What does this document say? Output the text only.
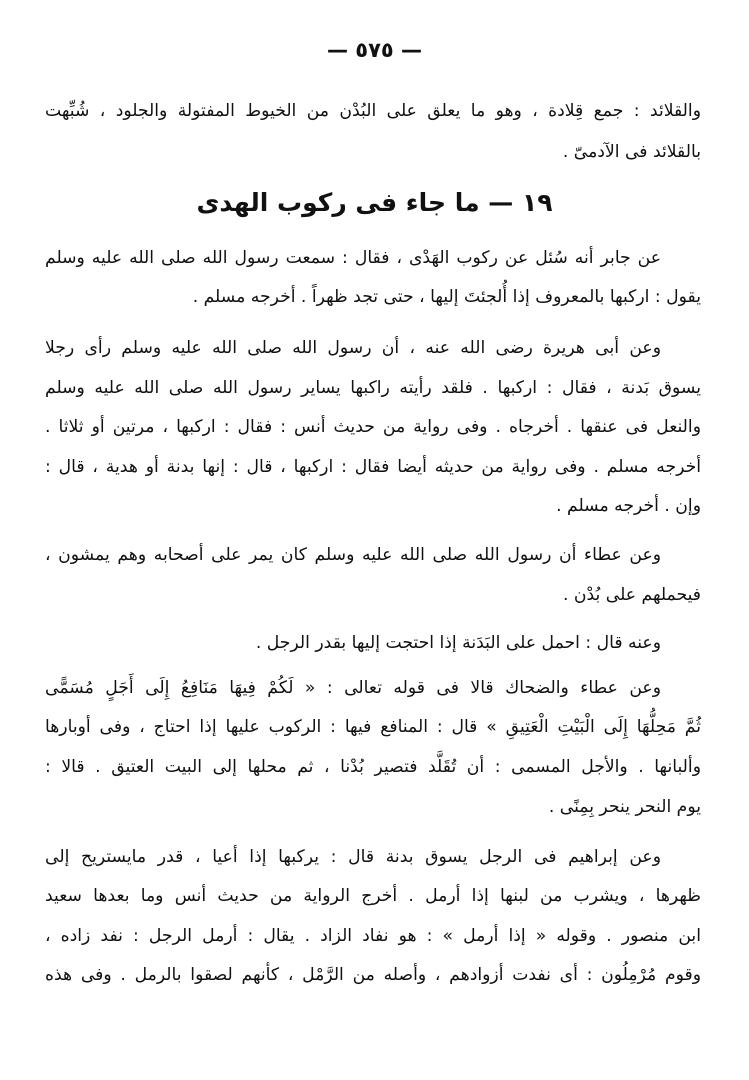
— ٥٧٥ —
والقلائد : جمع قِلادة ، وهو ما يعلق على البُدْن من الخيوط المفتولة والجلود ، شُبِّهت
بالقلائد فى الآدمىّ .
١٩ — ما جاء فى ركوب الهدى
عن جابر أنه سُئل عن ركوب الهَدْى ، فقال : سمعت رسول الله صلى الله عليه وسلم
يقول : اركبها بالمعروف إذا أُلجئتَ إليها ، حتى تجد ظهراً . أخرجه مسلم .
وعن أبى هريرة رضى الله عنه ، أن رسول الله صلى الله عليه وسلم رأى رجلا
يسوق بَدنة ، فقال : اركبها . فلقد رأيته راكبها يساير رسول الله صلى الله عليه وسلم
والنعل فى عنقها . أخرجاه . وفى رواية من حديث أنس : فقال : اركبها ، مرتين أو ثلاثا .
أخرجه مسلم . وفى رواية من حديثه أيضا فقال : اركبها ، قال : إنها بدنة أو هدية ، قال :
وإن . أخرجه مسلم .
وعن عطاء أن رسول الله صلى الله عليه وسلم كان يمر على أصحابه وهم يمشون ،
فيحملهم على بُدْن .
وعنه قال : احمل على البَدَنة إذا احتجت إليها بقدر الرجل .
وعن عطاء والضحاك قالا فى قوله تعالى : « لَكُمْ فِيهَا مَنَافِعُ إِلَى أَجَلٍ مُسَمًّى
ثُمَّ مَحِلُّهَا إِلَى الْبَيْتِ الْعَتِيقِ » قال : المنافع فيها : الركوب عليها إذا احتاج ، وفى أوبارها
وألبانها . والأجل المسمى : أن تُقَلَّد فتصير بُدْنا ، ثم محلها إلى البيت العتيق . قالا :
يوم النحر ينحر بِمِنًى .
وعن إبراهيم فى الرجل يسوق بدنة قال : يركبها إذا أعيا ، قدر مايستريح إلى
ظهرها ، ويشرب من لبنها إذا أرمل . أخرج الرواية من حديث أنس وما بعدها سعيد
ابن منصور . وقوله « إذا أرمل » : هو نفاد الزاد . يقال : أرمل الرجل : نفد زاده ،
وقوم مُرْمِلُون : أى نفدت أزوادهم ، وأصله من الرَّمْل ، كأنهم لصقوا بالرمل . وفى هذه
